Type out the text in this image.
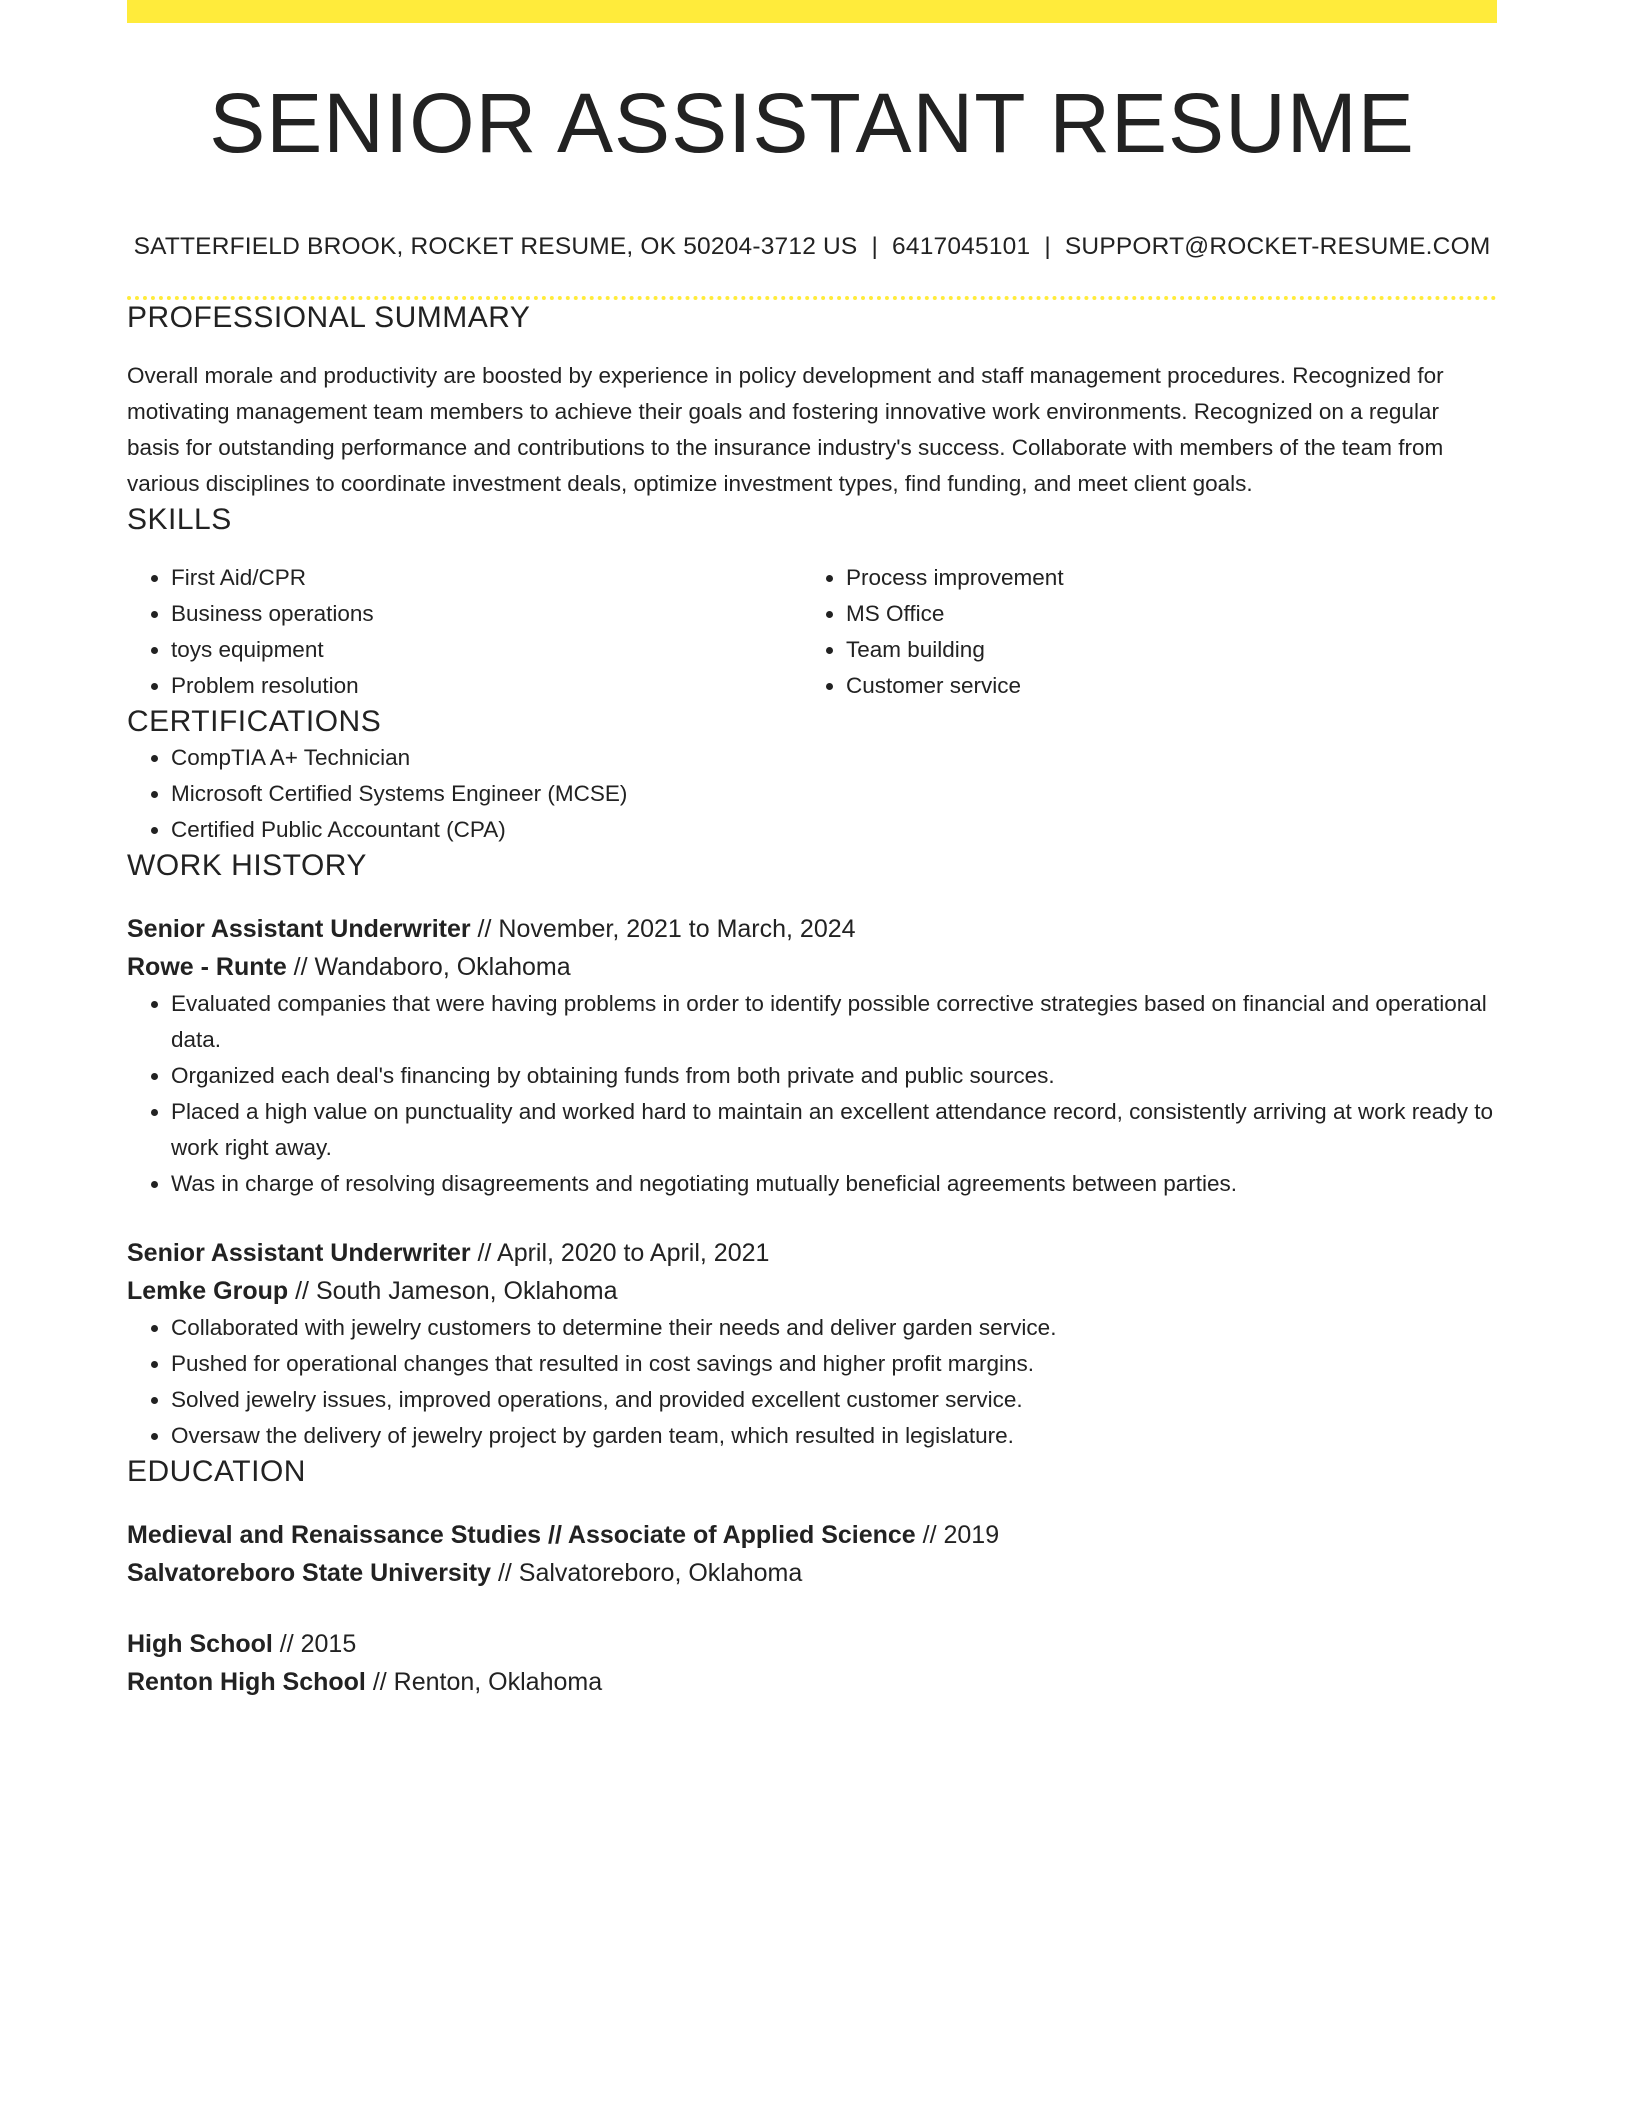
SENIOR ASSISTANT RESUME
SATTERFIELD BROOK, ROCKET RESUME, OK 50204-3712 US | 6417045101 | SUPPORT@ROCKET-RESUME.COM
PROFESSIONAL SUMMARY
Overall morale and productivity are boosted by experience in policy development and staff management procedures. Recognized for motivating management team members to achieve their goals and fostering innovative work environments. Recognized on a regular basis for outstanding performance and contributions to the insurance industry's success. Collaborate with members of the team from various disciplines to coordinate investment deals, optimize investment types, find funding, and meet client goals.
SKILLS
• First Aid/CPR
• Business operations
• toys equipment
• Problem resolution
• Process improvement
• MS Office
• Team building
• Customer service
CERTIFICATIONS
• CompTIA A+ Technician
• Microsoft Certified Systems Engineer (MCSE)
• Certified Public Accountant (CPA)
WORK HISTORY
Senior Assistant Underwriter // November, 2021 to March, 2024
Rowe - Runte // Wandaboro, Oklahoma
• Evaluated companies that were having problems in order to identify possible corrective strategies based on financial and operational data.
• Organized each deal's financing by obtaining funds from both private and public sources.
• Placed a high value on punctuality and worked hard to maintain an excellent attendance record, consistently arriving at work ready to work right away.
• Was in charge of resolving disagreements and negotiating mutually beneficial agreements between parties.
Senior Assistant Underwriter // April, 2020 to April, 2021
Lemke Group // South Jameson, Oklahoma
• Collaborated with jewelry customers to determine their needs and deliver garden service.
• Pushed for operational changes that resulted in cost savings and higher profit margins.
• Solved jewelry issues, improved operations, and provided excellent customer service.
• Oversaw the delivery of jewelry project by garden team, which resulted in legislature.
EDUCATION
Medieval and Renaissance Studies // Associate of Applied Science // 2019
Salvatoreboro State University // Salvatoreboro, Oklahoma
High School // 2015
Renton High School // Renton, Oklahoma
